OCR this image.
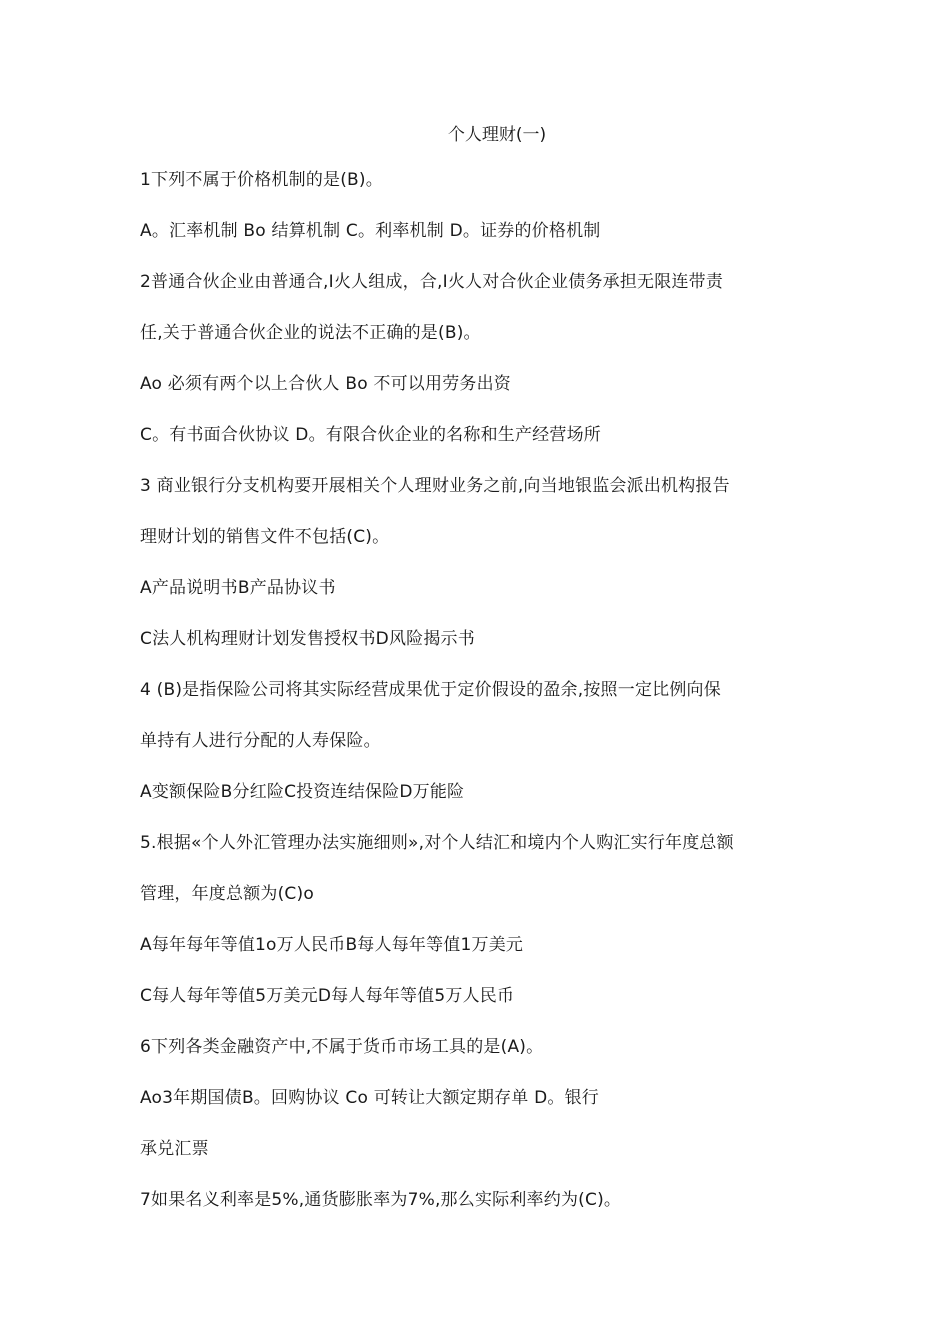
个人理财(一)
1下列不属于价格机制的是(B)。
A。汇率机制 Bo 结算机制 C。利率机制 D。证券的价格机制
2普通合伙企业由普通合,I火人组成，合,I火人对合伙企业债务承担无限连带责
任,关于普通合伙企业的说法不正确的是(B)。
Ao 必须有两个以上合伙人 Bo 不可以用劳务出资
C。有书面合伙协议 D。有限合伙企业的名称和生产经营场所
3 商业银行分支机构要开展相关个人理财业务之前,向当地银监会派出机构报告
理财计划的销售文件不包括(C)。
A产品说明书B产品协议书
C法人机构理财计划发售授权书D风险揭示书
4 (B)是指保险公司将其实际经营成果优于定价假设的盈余,按照一定比例向保
单持有人进行分配的人寿保险。
A变额保险B分红险C投资连结保险D万能险
5.根据«个人外汇管理办法实施细则»,对个人结汇和境内个人购汇实行年度总额
管理，年度总额为(C)o
A每年每年等值1o万人民币B每人每年等值1万美元
C每人每年等值5万美元D每人每年等值5万人民币
6下列各类金融资产中,不属于货币市场工具的是(A)。
Ao3年期国债B。回购协议 Co 可转让大额定期存单 D。银行
承兑汇票
7如果名义利率是5%,通货膨胀率为7%,那么实际利率约为(C)。
